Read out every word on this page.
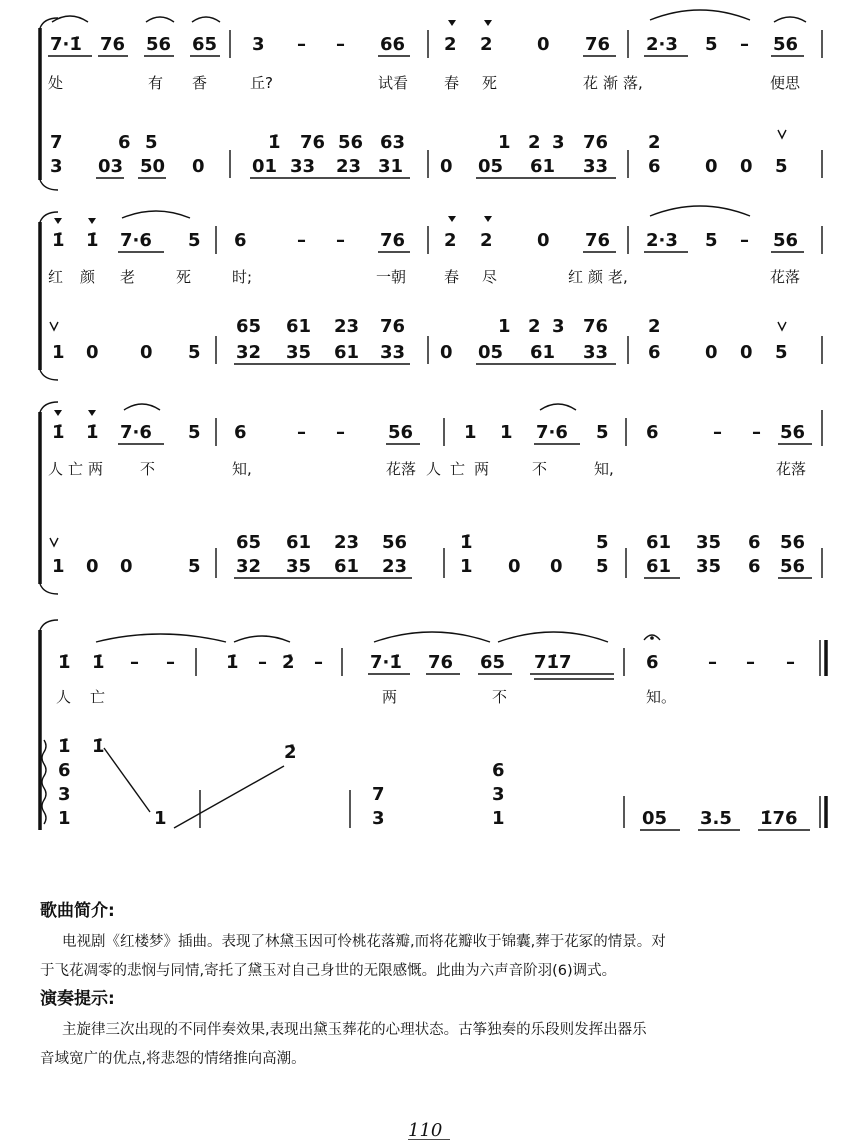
7·1̇ 76 56 65 3 – – 66 2 2 0 76 2·3 5 – 56
处	有 香	丘?	试看 春 死	花 渐 落,	便思
7	6 5	1̇ 76 56 63	1 2 3 76 2
3 03 50 0	01 33 23 31 0 05 61 33 6 0 0 5
1̇ 1̇ 7·6 5 6	– – 76 2 2 0 76 2·3 5 – 56
红 颜 老	死	时;	一朝	春 尽	红 颜 老,	花落
65 61 23 76	1 2 3 76 2
1 0 0 5 32 35 61 33 0 05 61 33 6 0 0 5
1̇ 1̇ 7·6 5 6	– – 56	1 1 7·6 5 6	– – 56
人 亡 两 不	知,	花落 人 亡 两	不	知,	花落
65 61 23 56	1̇	5 61 35 6 56
1 0 0	5 32 35 61 23	1 0 0 5 61 35 6 56
1̇ 1̇ – –	1̇ – 2̇ –	7·1̇ 76 65 71̇7	6	– – –
人 亡	两	不	知。
1̇
6
3
1
1̇
1
2̇
7
3
6
3
1	05 3.5 1̇76
歌曲简介:
电视剧《红楼梦》插曲。表现了林黛玉因可怜桃花落瓣,而将花瓣收于锦囊,葬于花冢的情景。对
于飞花凋零的悲悯与同情,寄托了黛玉对自己身世的无限感慨。此曲为六声音阶羽(6)调式。
演奏提示:
主旋律三次出现的不同伴奏效果,表现出黛玉葬花的心理状态。古筝独奏的乐段则发挥出器乐
音域宽广的优点,将悲怨的情绪推向高潮。
110
